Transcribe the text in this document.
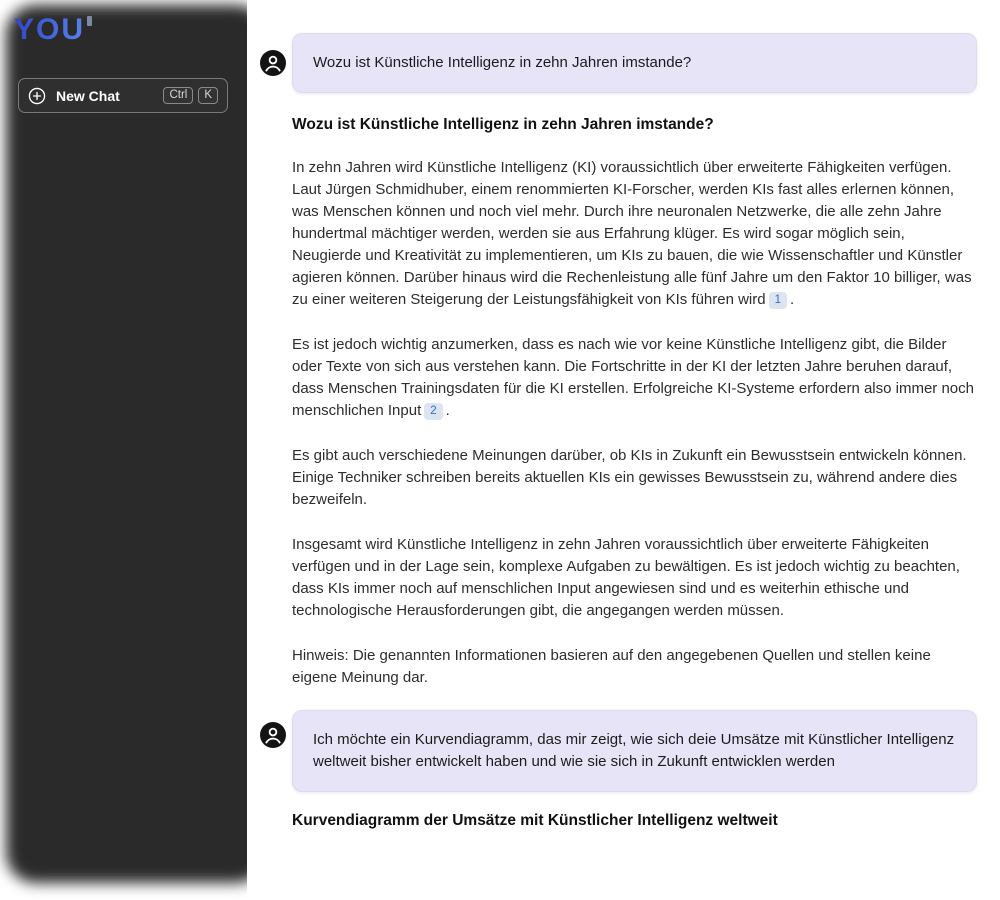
YOU
New Chat	Ctrl	K
Wozu ist Künstliche Intelligenz in zehn Jahren imstande?
Wozu ist Künstliche Intelligenz in zehn Jahren imstande?

In zehn Jahren wird Künstliche Intelligenz (KI) voraussichtlich über erweiterte Fähigkeiten verfügen. Laut Jürgen Schmidhuber, einem renommierten KI-Forscher, werden KIs fast alles erlernen können, was Menschen können und noch viel mehr. Durch ihre neuronalen Netzwerke, die alle zehn Jahre hundertmal mächtiger werden, werden sie aus Erfahrung klüger. Es wird sogar möglich sein, Neugierde und Kreativität zu implementieren, um KIs zu bauen, die wie Wissenschaftler und Künstler agieren können. Darüber hinaus wird die Rechenleistung alle fünf Jahre um den Faktor 10 billiger, was zu einer weiteren Steigerung der Leistungsfähigkeit von KIs führen wird 1 .

Es ist jedoch wichtig anzumerken, dass es nach wie vor keine Künstliche Intelligenz gibt, die Bilder oder Texte von sich aus verstehen kann. Die Fortschritte in der KI der letzten Jahre beruhen darauf, dass Menschen Trainingsdaten für die KI erstellen. Erfolgreiche KI-Systeme erfordern also immer noch menschlichen Input 2 .

Es gibt auch verschiedene Meinungen darüber, ob KIs in Zukunft ein Bewusstsein entwickeln können. Einige Techniker schreiben bereits aktuellen KIs ein gewisses Bewusstsein zu, während andere dies bezweifeln.

Insgesamt wird Künstliche Intelligenz in zehn Jahren voraussichtlich über erweiterte Fähigkeiten verfügen und in der Lage sein, komplexe Aufgaben zu bewältigen. Es ist jedoch wichtig zu beachten, dass KIs immer noch auf menschlichen Input angewiesen sind und es weiterhin ethische und technologische Herausforderungen gibt, die angegangen werden müssen.

Hinweis: Die genannten Informationen basieren auf den angegebenen Quellen und stellen keine eigene Meinung dar.

Ich möchte ein Kurvendiagramm, das mir zeigt, wie sich deie Umsätze mit Künstlicher Intelligenz weltweit bisher entwickelt haben und wie sie sich in Zukunft entwicklen werden
Kurvendiagramm der Umsätze mit Künstlicher Intelligenz weltweit
